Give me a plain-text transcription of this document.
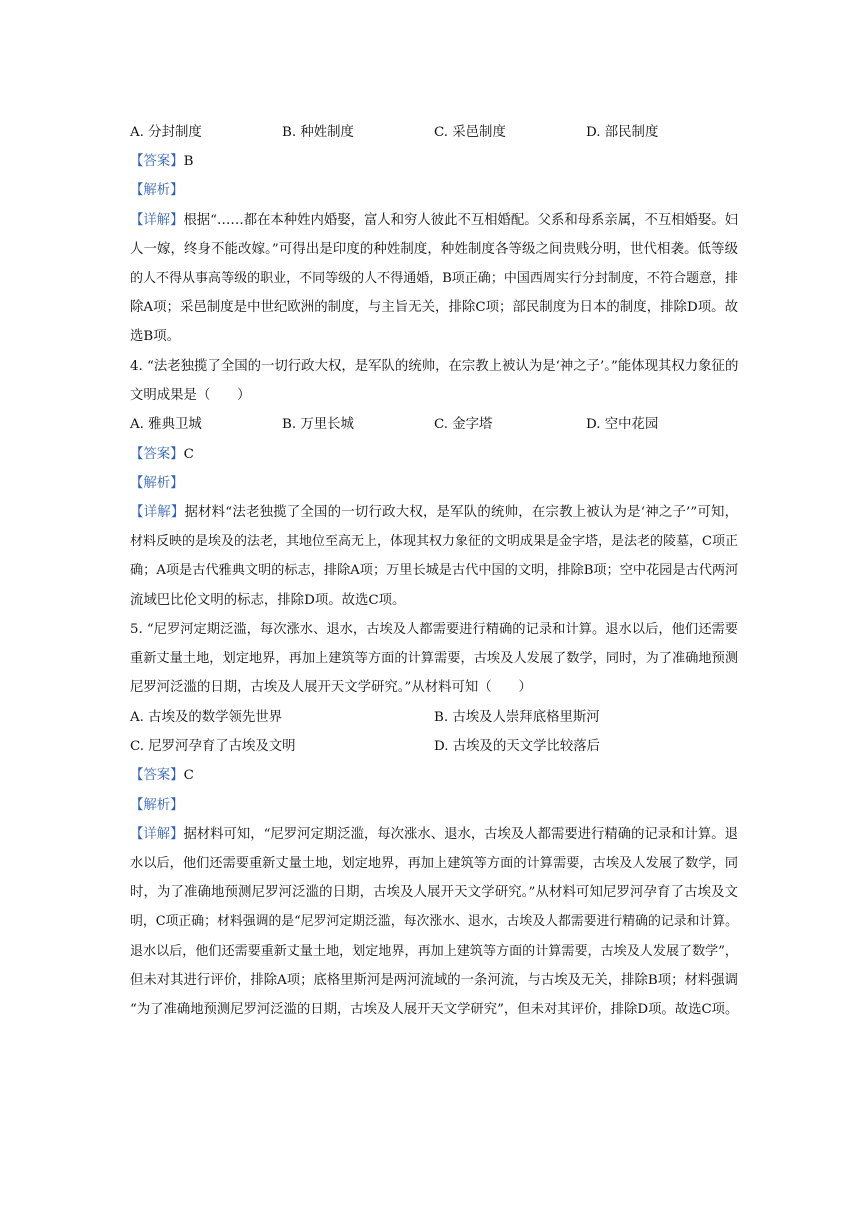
A. 分封制度	B. 种姓制度	C. 采邑制度	D. 部民制度
【答案】B
【解析】
【详解】根据“……都在本种姓内婚娶，富人和穷人彼此不互相婚配。父系和母系亲属，不互相婚娶。妇
人一嫁，终身不能改嫁。”可得出是印度的种姓制度，种姓制度各等级之间贵贱分明，世代相袭。低等级
的人不得从事高等级的职业，不同等级的人不得通婚，B项正确；中国西周实行分封制度，不符合题意，排
除A项；采邑制度是中世纪欧洲的制度，与主旨无关，排除C项；部民制度为日本的制度，排除D项。故
选B项。
4. “法老独揽了全国的一切行政大权，是军队的统帅，在宗教上被认为是‘神之子’。”能体现其权力象征的
文明成果是（　　）
A. 雅典卫城	B. 万里长城	C. 金字塔	D. 空中花园
【答案】C
【解析】
【详解】据材料“法老独揽了全国的一切行政大权，是军队的统帅，在宗教上被认为是‘神之子’”可知，
材料反映的是埃及的法老，其地位至高无上，体现其权力象征的文明成果是金字塔，是法老的陵墓，C项正
确；A项是古代雅典文明的标志，排除A项；万里长城是古代中国的文明，排除B项；空中花园是古代两河
流域巴比伦文明的标志，排除D项。故选C项。
5. “尼罗河定期泛滥，每次涨水、退水，古埃及人都需要进行精确的记录和计算。退水以后，他们还需要
重新丈量土地，划定地界，再加上建筑等方面的计算需要，古埃及人发展了数学，同时，为了准确地预测
尼罗河泛滥的日期，古埃及人展开天文学研究。”从材料可知（　　）
A. 古埃及的数学领先世界	B. 古埃及人崇拜底格里斯河
C. 尼罗河孕育了古埃及文明	D. 古埃及的天文学比较落后
【答案】C
【解析】
【详解】据材料可知，“尼罗河定期泛滥，每次涨水、退水，古埃及人都需要进行精确的记录和计算。退
水以后，他们还需要重新丈量土地，划定地界，再加上建筑等方面的计算需要，古埃及人发展了数学，同
时，为了准确地预测尼罗河泛滥的日期，古埃及人展开天文学研究。”从材料可知尼罗河孕育了古埃及文
明，C项正确；材料强调的是“尼罗河定期泛滥，每次涨水、退水，古埃及人都需要进行精确的记录和计算。
退水以后，他们还需要重新丈量土地，划定地界，再加上建筑等方面的计算需要，古埃及人发展了数学”，
但未对其进行评价，排除A项；底格里斯河是两河流域的一条河流，与古埃及无关，排除B项；材料强调
“为了准确地预测尼罗河泛滥的日期，古埃及人展开天文学研究”，但未对其评价，排除D项。故选C项。
